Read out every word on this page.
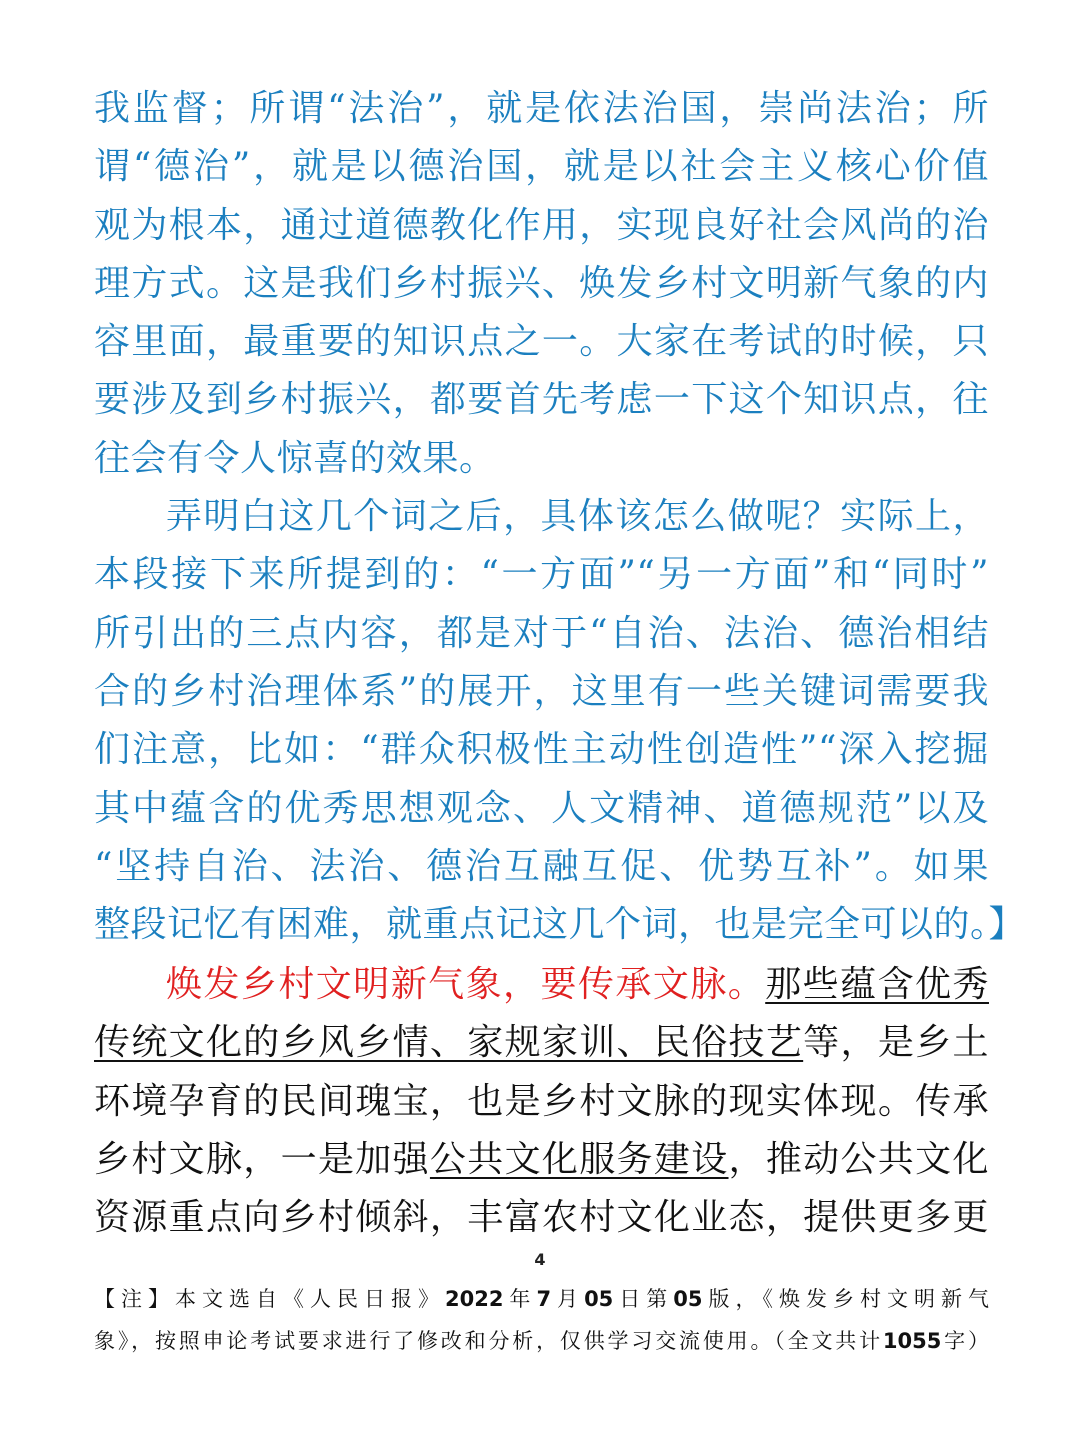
我监督；所谓“法治”，就是依法治国，崇尚法治；所
谓“德治”，就是以德治国，就是以社会主义核心价值
观为根本，通过道德教化作用，实现良好社会风尚的治
理方式。这是我们乡村振兴、焕发乡村文明新气象的内
容里面，最重要的知识点之一。大家在考试的时候，只
要涉及到乡村振兴，都要首先考虑一下这个知识点，往
往会有令人惊喜的效果。
弄明白这几个词之后，具体该怎么做呢？实际上，
本段接下来所提到的：“一方面”“另一方面”和“同时”
所引出的三点内容，都是对于“自治、法治、德治相结
合的乡村治理体系”的展开，这里有一些关键词需要我
们注意，比如：“群众积极性主动性创造性”“深入挖掘
其中蕴含的优秀思想观念、人文精神、道德规范”以及
“坚持自治、法治、德治互融互促、优势互补”。如果
整段记忆有困难，就重点记这几个词，也是完全可以的。】
焕发乡村文明新气象，要传承文脉。那些蕴含优秀
传统文化的乡风乡情、家规家训、民俗技艺等，是乡土
环境孕育的民间瑰宝，也是乡村文脉的现实体现。传承
乡村文脉，一是加强公共文化服务建设，推动公共文化
资源重点向乡村倾斜，丰富农村文化业态，提供更多更
4
【注】本文选自《人民日报》2022年7月05日第05版，《焕发乡村文明新气
象》，按照申论考试要求进行了修改和分析，仅供学习交流使用。（全文共计1055字）
